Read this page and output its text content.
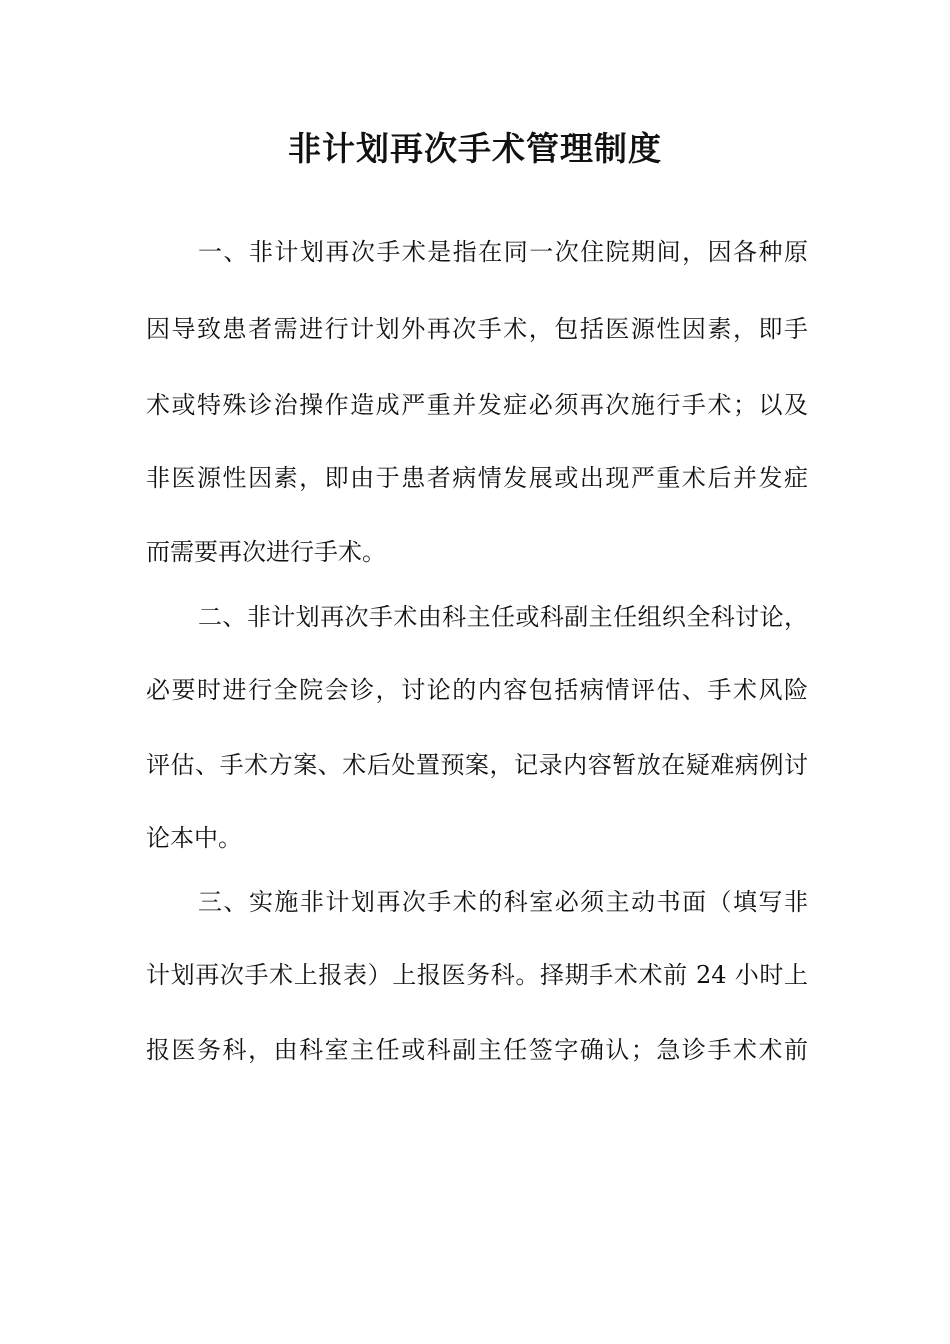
非计划再次手术管理制度
一、非计划再次手术是指在同一次住院期间，因各种原
因导致患者需进行计划外再次手术，包括医源性因素，即手
术或特殊诊治操作造成严重并发症必须再次施行手术；以及
非医源性因素，即由于患者病情发展或出现严重术后并发症
而需要再次进行手术。
二、非计划再次手术由科主任或科副主任组织全科讨论，
必要时进行全院会诊，讨论的内容包括病情评估、手术风险
评估、手术方案、术后处置预案，记录内容暂放在疑难病例讨
论本中。
三、实施非计划再次手术的科室必须主动书面（填写非
计划再次手术上报表）上报医务科。择期手术术前 24 小时上
报医务科，由科室主任或科副主任签字确认；急诊手术术前
